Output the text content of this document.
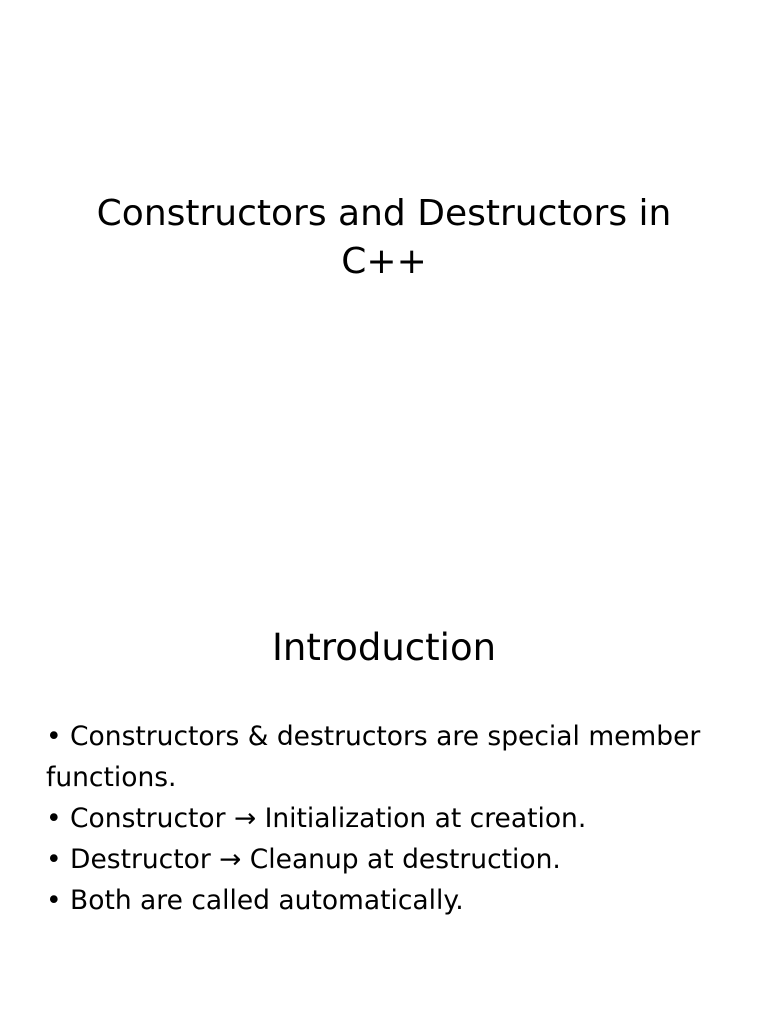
Constructors and Destructors in
C++
Introduction
• Constructors & destructors are special member functions.
• Constructor → Initialization at creation.
• Destructor → Cleanup at destruction.
• Both are called automatically.
